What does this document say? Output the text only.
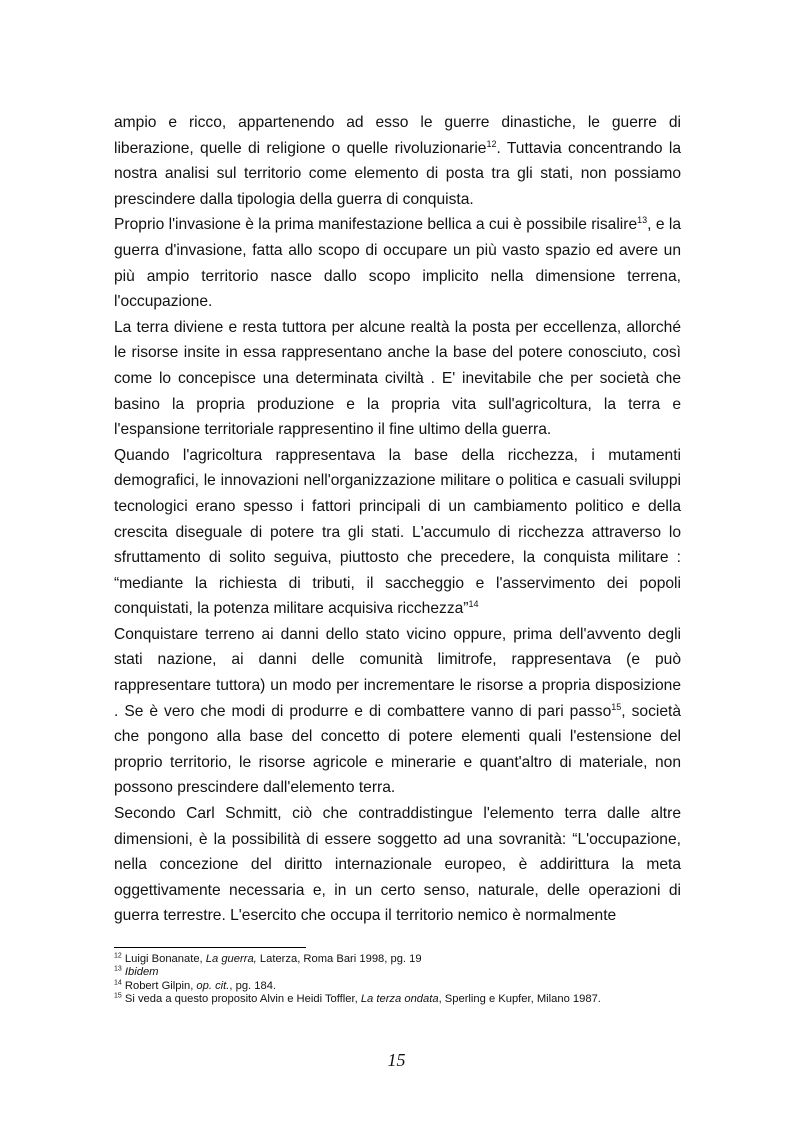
ampio e ricco, appartenendo ad esso le guerre dinastiche, le guerre di liberazione, quelle di religione o quelle rivoluzionarie$^{12}$. Tuttavia concentrando la nostra analisi sul territorio come elemento di posta tra gli stati, non possiamo prescindere dalla tipologia della guerra di conquista.

Proprio l'invasione è la prima manifestazione bellica a cui è possibile risalire$^{13}$, e la guerra d'invasione, fatta allo scopo di occupare un più vasto spazio ed avere un più ampio territorio nasce dallo scopo implicito nella dimensione terrena, l'occupazione.

La terra diviene e resta tuttora per alcune realtà la posta per eccellenza, allorché le risorse insite in essa rappresentano anche la base del potere conosciuto, così come lo concepisce una determinata civiltà . E' inevitabile che per società che basino la propria produzione e la propria vita sull'agricoltura, la terra e l'espansione territoriale rappresentino il fine ultimo della guerra.

Quando l'agricoltura rappresentava la base della ricchezza, i mutamenti demografici, le innovazioni nell'organizzazione militare o politica e casuali sviluppi tecnologici erano spesso i fattori principali di un cambiamento politico e della crescita diseguale di potere tra gli stati. L'accumulo di ricchezza attraverso lo sfruttamento di solito seguiva, piuttosto che precedere, la conquista militare : “mediante la richiesta di tributi, il saccheggio e l'asservimento dei popoli conquistati, la potenza militare acquisiva ricchezza”$^{14}$

Conquistare terreno ai danni dello stato vicino oppure, prima dell'avvento degli stati nazione, ai danni delle comunità limitrofe, rappresentava (e può rappresentare tuttora) un modo per incrementare le risorse a propria disposizione . Se è vero che modi di produrre e di combattere vanno di pari passo$^{15}$, società che pongono alla base del concetto di potere elementi quali l'estensione del proprio territorio, le risorse agricole e minerarie e quant'altro di materiale, non possono prescindere dall'elemento terra.

Secondo Carl Schmitt, ciò che contraddistingue l'elemento terra dalle altre dimensioni, è la possibilità di essere soggetto ad una sovranità: “L'occupazione, nella concezione del diritto internazionale europeo, è addirittura la meta oggettivamente necessaria e, in un certo senso, naturale, delle operazioni di guerra terrestre. L'esercito che occupa il territorio nemico è normalmente

$^{12}$ Luigi Bonanate, La guerra, Laterza, Roma Bari 1998, pg. 19
$^{13}$ Ibidem
$^{14}$ Robert Gilpin, op. cit., pg. 184.
$^{15}$ Si veda a questo proposito Alvin e Heidi Toffler, La terza ondata, Sperling e Kupfer, Milano 1987.
15
